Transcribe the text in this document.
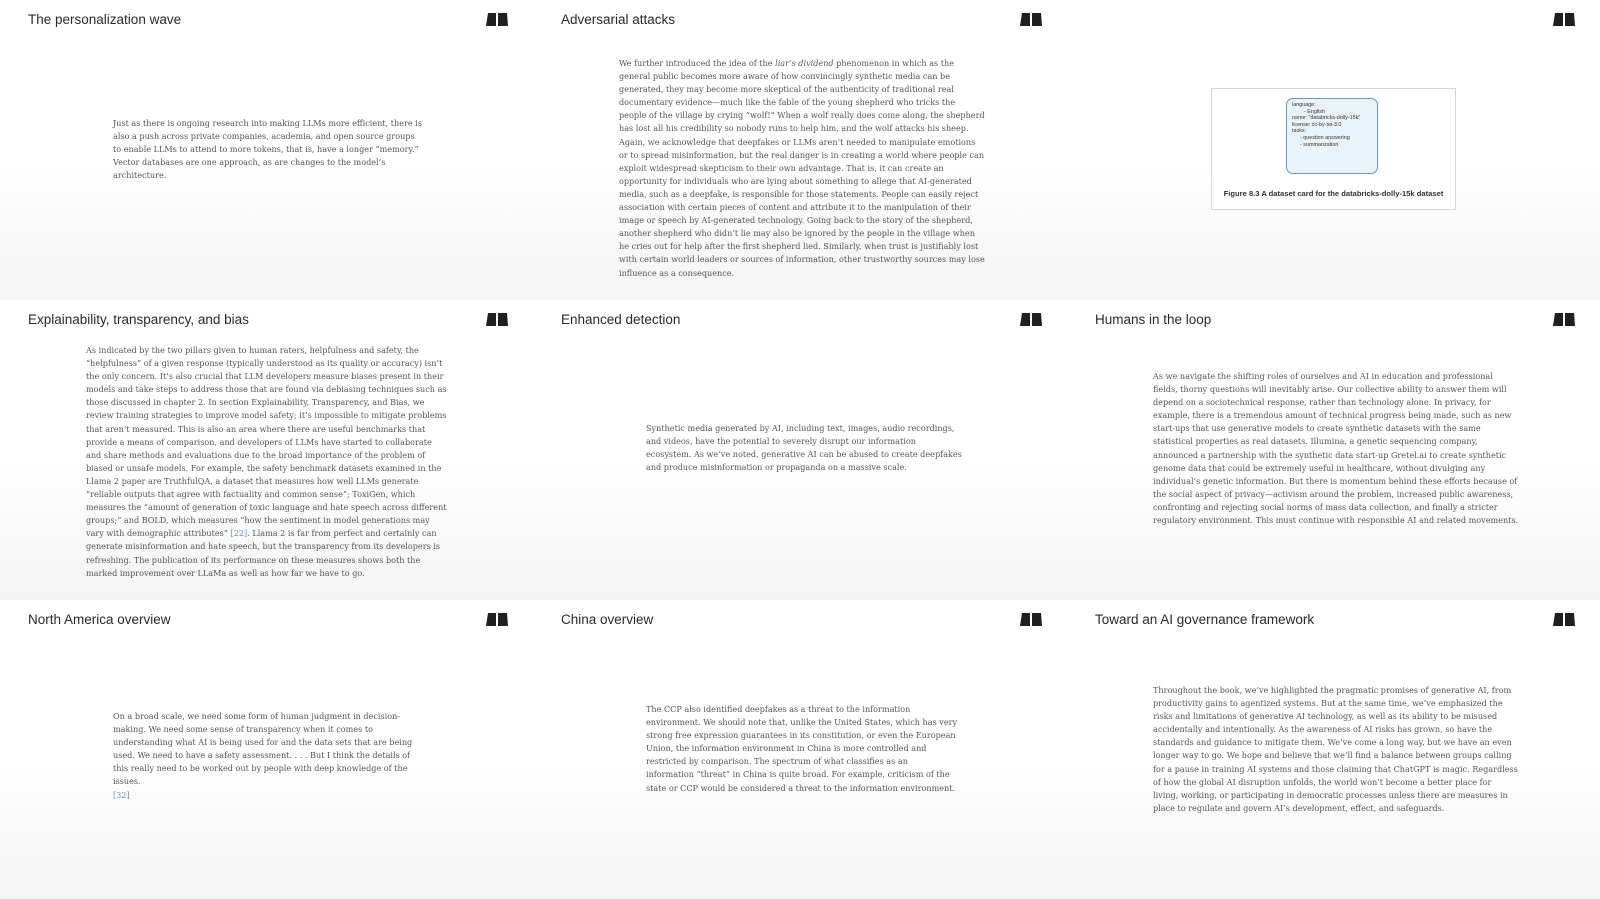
The personalization wave
Just as there is ongoing research into making LLMs more efficient, there is also a push across private companies, academia, and open source groups to enable LLMs to attend to more tokens, that is, have a longer “memory.” Vector databases are one approach, as are changes to the model’s architecture.
Adversarial attacks
We further introduced the idea of the liar’s dividend phenomenon in which as the general public becomes more aware of how convincingly synthetic media can be generated, they may become more skeptical of the authenticity of traditional real documentary evidence—much like the fable of the young shepherd who tricks the people of the village by crying “wolf!” When a wolf really does come along, the shepherd has lost all his credibility so nobody runs to help him, and the wolf attacks his sheep. Again, we acknowledge that deepfakes or LLMs aren’t needed to manipulate emotions or to spread misinformation, but the real danger is in creating a world where people can exploit widespread skepticism to their own advantage. That is, it can create an opportunity for individuals who are lying about something to allege that AI-generated media, such as a deepfake, is responsible for those statements. People can easily reject association with certain pieces of content and attribute it to the manipulation of their image or speech by AI-generated technology. Going back to the story of the shepherd, another shepherd who didn’t lie may also be ignored by the people in the village when he cries out for help after the first shepherd lied. Similarly, when trust is justifiably lost with certain world leaders or sources of information, other trustworthy sources may lose influence as a consequence.
language:
- English
name: "databricks-dolly-15k"
license: cc-by-sa-3.0
tasks:
- question answering
- summarization
Figure 8.3 A dataset card for the databricks-dolly-15k dataset
Explainability, transparency, and bias
As indicated by the two pillars given to human raters, helpfulness and safety, the “helpfulness” of a given response (typically understood as its quality or accuracy) isn’t the only concern. It’s also crucial that LLM developers measure biases present in their models and take steps to address those that are found via debiasing techniques such as those discussed in chapter 2. In section Explainability, Transparency, and Bias, we review training strategies to improve model safety; it’s impossible to mitigate problems that aren’t measured. This is also an area where there are useful benchmarks that provide a means of comparison, and developers of LLMs have started to collaborate and share methods and evaluations due to the broad importance of the problem of biased or unsafe models. For example, the safety benchmark datasets examined in the Llama 2 paper are TruthfulQA, a dataset that measures how well LLMs generate “reliable outputs that agree with factuality and common sense”; ToxiGen, which measures the “amount of generation of toxic language and hate speech across different groups;” and BOLD, which measures “how the sentiment in model generations may vary with demographic attributes” [22]. Llama 2 is far from perfect and certainly can generate misinformation and hate speech, but the transparency from its developers is refreshing. The publication of its performance on these measures shows both the marked improvement over LLaMa as well as how far we have to go.
Enhanced detection
Synthetic media generated by AI, including text, images, audio recordings, and videos, have the potential to severely disrupt our information ecosystem. As we’ve noted, generative AI can be abused to create deepfakes and produce misinformation or propaganda on a massive scale.
Humans in the loop
As we navigate the shifting roles of ourselves and AI in education and professional fields, thorny questions will inevitably arise. Our collective ability to answer them will depend on a sociotechnical response, rather than technology alone. In privacy, for example, there is a tremendous amount of technical progress being made, such as new start-ups that use generative models to create synthetic datasets with the same statistical properties as real datasets. Illumina, a genetic sequencing company, announced a partnership with the synthetic data start-up Gretel.ai to create synthetic genome data that could be extremely useful in healthcare, without divulging any individual’s genetic information. But there is momentum behind these efforts because of the social aspect of privacy—activism around the problem, increased public awareness, confronting and rejecting social norms of mass data collection, and finally a stricter regulatory environment. This must continue with responsible AI and related movements.
North America overview
On a broad scale, we need some form of human judgment in decision-making. We need some sense of transparency when it comes to understanding what AI is being used for and the data sets that are being used. We need to have a safety assessment. . . . But I think the details of this really need to be worked out by people with deep knowledge of the issues.
[32]
China overview
The CCP also identified deepfakes as a threat to the information environment. We should note that, unlike the United States, which has very strong free expression guarantees in its constitution, or even the European Union, the information environment in China is more controlled and restricted by comparison. The spectrum of what classifies as an information “threat” in China is quite broad. For example, criticism of the state or CCP would be considered a threat to the information environment.
Toward an AI governance framework
Throughout the book, we’ve highlighted the pragmatic promises of generative AI, from productivity gains to agentized systems. But at the same time, we’ve emphasized the risks and limitations of generative AI technology, as well as its ability to be misused accidentally and intentionally. As the awareness of AI risks has grown, so have the standards and guidance to mitigate them. We’ve come a long way, but we have an even longer way to go. We hope and believe that we’ll find a balance between groups calling for a pause in training AI systems and those claiming that ChatGPT is magic. Regardless of how the global AI disruption unfolds, the world won’t become a better place for living, working, or participating in democratic processes unless there are measures in place to regulate and govern AI’s development, effect, and safeguards.
